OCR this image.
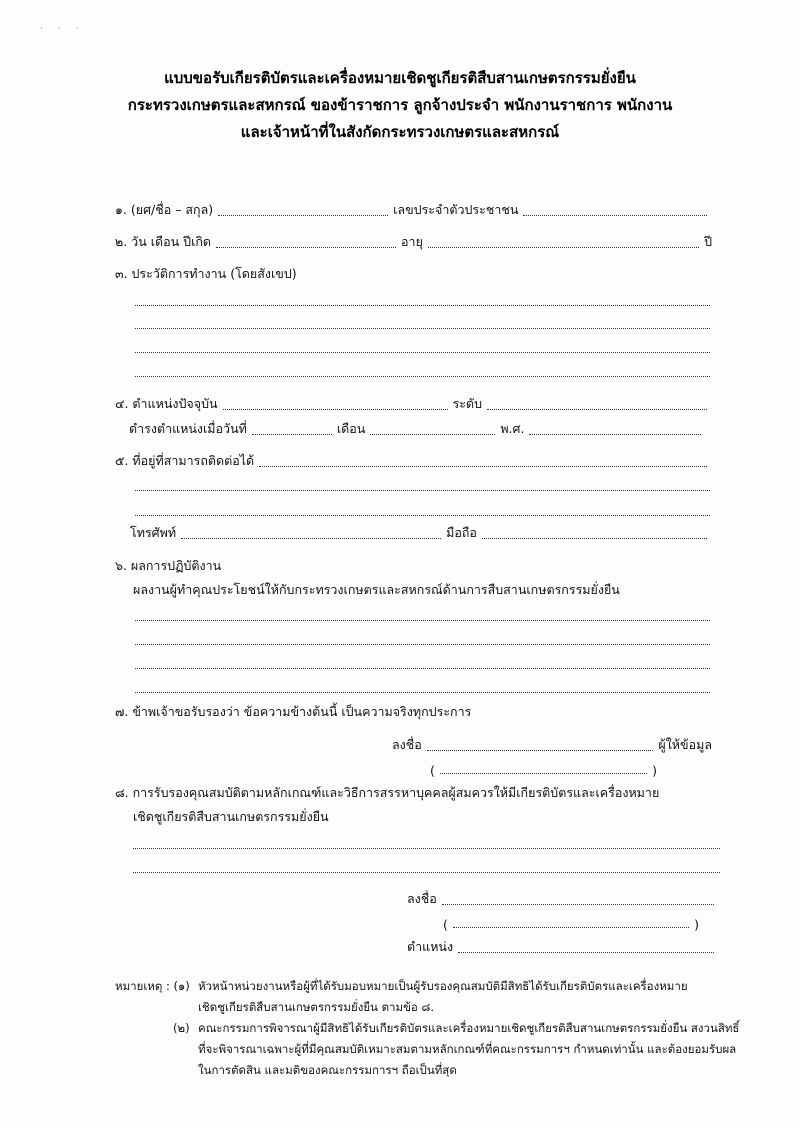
· · ·
แบบขอรับเกียรติบัตรและเครื่องหมายเชิดชูเกียรติสืบสานเกษตรกรรมยั่งยืน
กระทรวงเกษตรและสหกรณ์ ของข้าราชการ ลูกจ้างประจำ พนักงานราชการ พนักงาน
และเจ้าหน้าที่ในสังกัดกระทรวงเกษตรและสหกรณ์
๑. (ยศ/ชื่อ – สกุล)	เลขประจำตัวประชาชน
๒. วัน เดือน ปีเกิด	อายุ	ปี
๓. ประวัติการทำงาน (โดยสังเขป)
๔. ตำแหน่งปัจจุบัน	ระดับ
ดำรงตำแหน่งเมื่อวันที่	เดือน	พ.ศ.
๕. ที่อยู่ที่สามารถติดต่อได้
โทรศัพท์	มือถือ
๖. ผลการปฏิบัติงาน
ผลงานผู้ทำคุณประโยชน์ให้กับกระทรวงเกษตรและสหกรณ์ด้านการสืบสานเกษตรกรรมยั่งยืน
๗. ข้าพเจ้าขอรับรองว่า ข้อความข้างต้นนี้ เป็นความจริงทุกประการ
ลงชื่อ	ผู้ให้ข้อมูล
(	)
๘. การรับรองคุณสมบัติตามหลักเกณฑ์และวิธีการสรรหาบุคคลผู้สมควรให้มีเกียรติบัตรและเครื่องหมาย
เชิดชูเกียรติสืบสานเกษตรกรรมยั่งยืน
ลงชื่อ
(	)
ตำแหน่ง
หมายเหตุ : (๑) หัวหน้าหน่วยงานหรือผู้ที่ได้รับมอบหมายเป็นผู้รับรองคุณสมบัติมีสิทธิได้รับเกียรติบัตรและเครื่องหมาย
เชิดชูเกียรติสืบสานเกษตรกรรมยั่งยืน ตามข้อ ๘.
(๒) คณะกรรมการพิจารณาผู้มีสิทธิได้รับเกียรติบัตรและเครื่องหมายเชิดชูเกียรติสืบสานเกษตรกรรมยั่งยืน สงวนสิทธิ์
ที่จะพิจารณาเฉพาะผู้ที่มีคุณสมบัติเหมาะสมตามหลักเกณฑ์ที่คณะกรรมการฯ กำหนดเท่านั้น และต้องยอมรับผล
ในการตัดสิน และมติของคณะกรรมการฯ ถือเป็นที่สุด
